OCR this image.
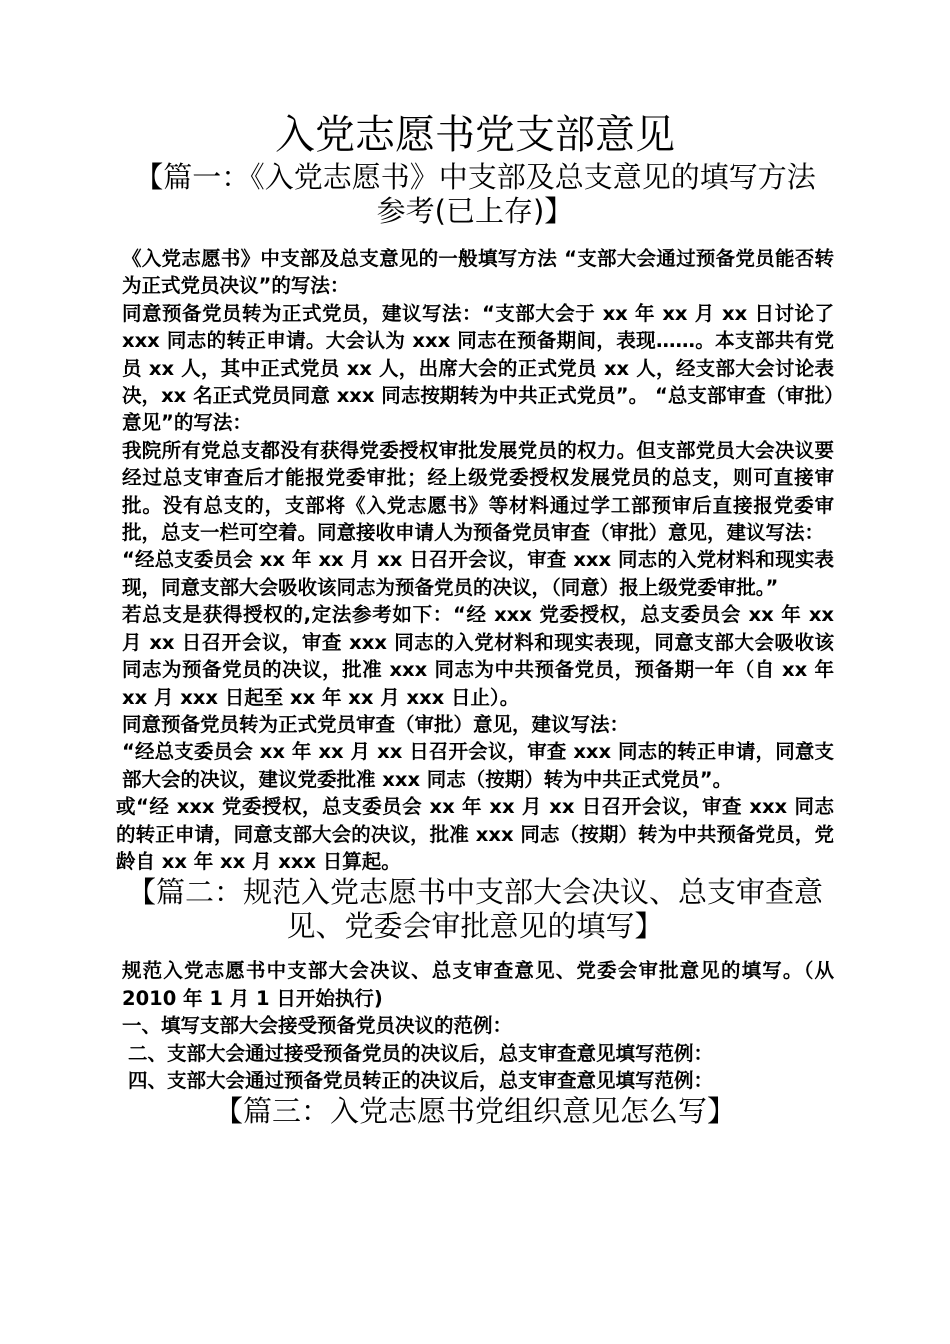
入党志愿书党支部意见

【篇一：《入党志愿书》中支部及总支意见的填写方法

参考(已上存)】

《入党志愿书》中支部及总支意见的一般填写方法 “支部大会通过预备党员能否转为正式党员决议”的写法：

同意预备党员转为正式党员，建议写法：“支部大会于 xx 年 xx 月 xx 日讨论了 xxx 同志的转正申请。大会认为 xxx 同志在预备期间，表现……。本支部共有党员 xx 人，其中正式党员 xx 人，出席大会的正式党员 xx 人，经支部大会讨论表决，xx 名正式党员同意 xxx 同志按期转为中共正式党员”。 “总支部审查（审批）意见”的写法：

我院所有党总支都没有获得党委授权审批发展党员的权力。但支部党员大会决议要经过总支审查后才能报党委审批；经上级党委授权发展党员的总支，则可直接审批。没有总支的，支部将《入党志愿书》等材料通过学工部预审后直接报党委审批，总支一栏可空着。同意接收申请人为预备党员审查（审批）意见，建议写法：

“经总支委员会 xx 年 xx 月 xx 日召开会议，审查 xxx 同志的入党材料和现实表现，同意支部大会吸收该同志为预备党员的决议，（同意）报上级党委审批。”

若总支是获得授权的,定法参考如下：“经 xxx 党委授权，总支委员会 xx 年 xx 月 xx 日召开会议，审查 xxx 同志的入党材料和现实表现，同意支部大会吸收该同志为预备党员的决议，批准 xxx 同志为中共预备党员，预备期一年（自 xx 年 xx 月 xxx 日起至 xx 年 xx 月 xxx 日止）。

同意预备党员转为正式党员审查（审批）意见，建议写法：

“经总支委员会 xx 年 xx 月 xx 日召开会议，审查 xxx 同志的转正申请，同意支部大会的决议，建议党委批准 xxx 同志（按期）转为中共正式党员”。

或“经 xxx 党委授权，总支委员会 xx 年 xx 月 xx 日召开会议，审查 xxx 同志的转正申请，同意支部大会的决议，批准 xxx 同志（按期）转为中共预备党员，党龄自 xx 年 xx 月 xxx 日算起。

【篇二：规范入党志愿书中支部大会决议、总支审查意

见、党委会审批意见的填写】

规范入党志愿书中支部大会决议、总支审查意见、党委会审批意见的填写。（从 2010 年 1 月 1 日开始执行)

一、填写支部大会接受预备党员决议的范例：

二、支部大会通过接受预备党员的决议后，总支审查意见填写范例：

四、支部大会通过预备党员转正的决议后，总支审查意见填写范例：

【篇三：入党志愿书党组织意见怎么写】
